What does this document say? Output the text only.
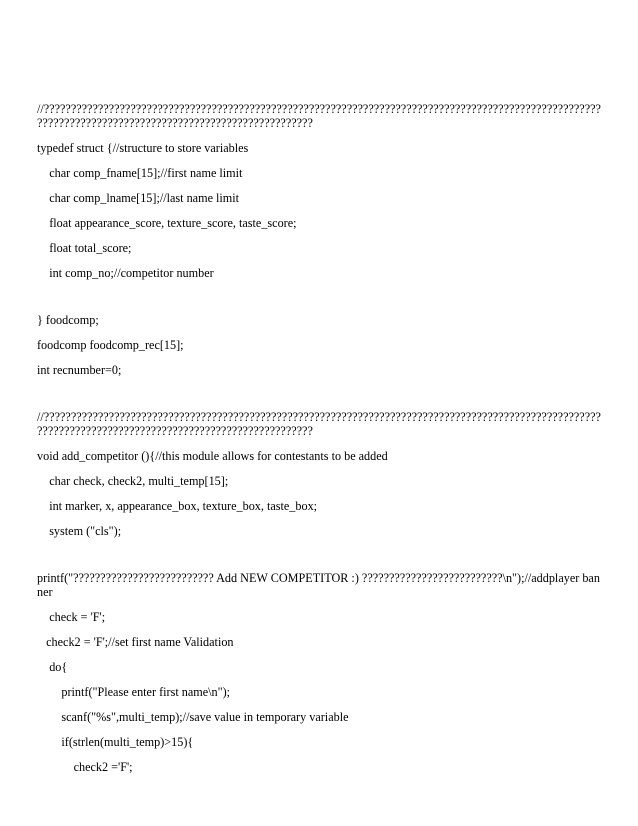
//??????????????????????????????????????????????????????????????????????????????????????????????????????????????????????????????????????????????????????????
typedef struct {//structure to store variables
char comp_fname[15];//first name limit
char comp_lname[15];//last name limit
float appearance_score, texture_score, taste_score;
float total_score;
int comp_no;//competitor number
} foodcomp;
foodcomp foodcomp_rec[15];
int recnumber=0;
//??????????????????????????????????????????????????????????????????????????????????????????????????????????????????????????????????????????????????????????
void add_competitor (){//this module allows for contestants to be added
char check, check2, multi_temp[15];
int marker, x, appearance_box, texture_box, taste_box;
system ("cls");
printf("?????????????????????????? Add NEW COMPETITOR :) ??????????????????????????\n");//addplayer banner
check = 'F';
check2 = 'F';//set first name Validation
do{
printf("Please enter first name\n");
scanf("%s",multi_temp);//save value in temporary variable
if(strlen(multi_temp)>15){
check2 ='F';
